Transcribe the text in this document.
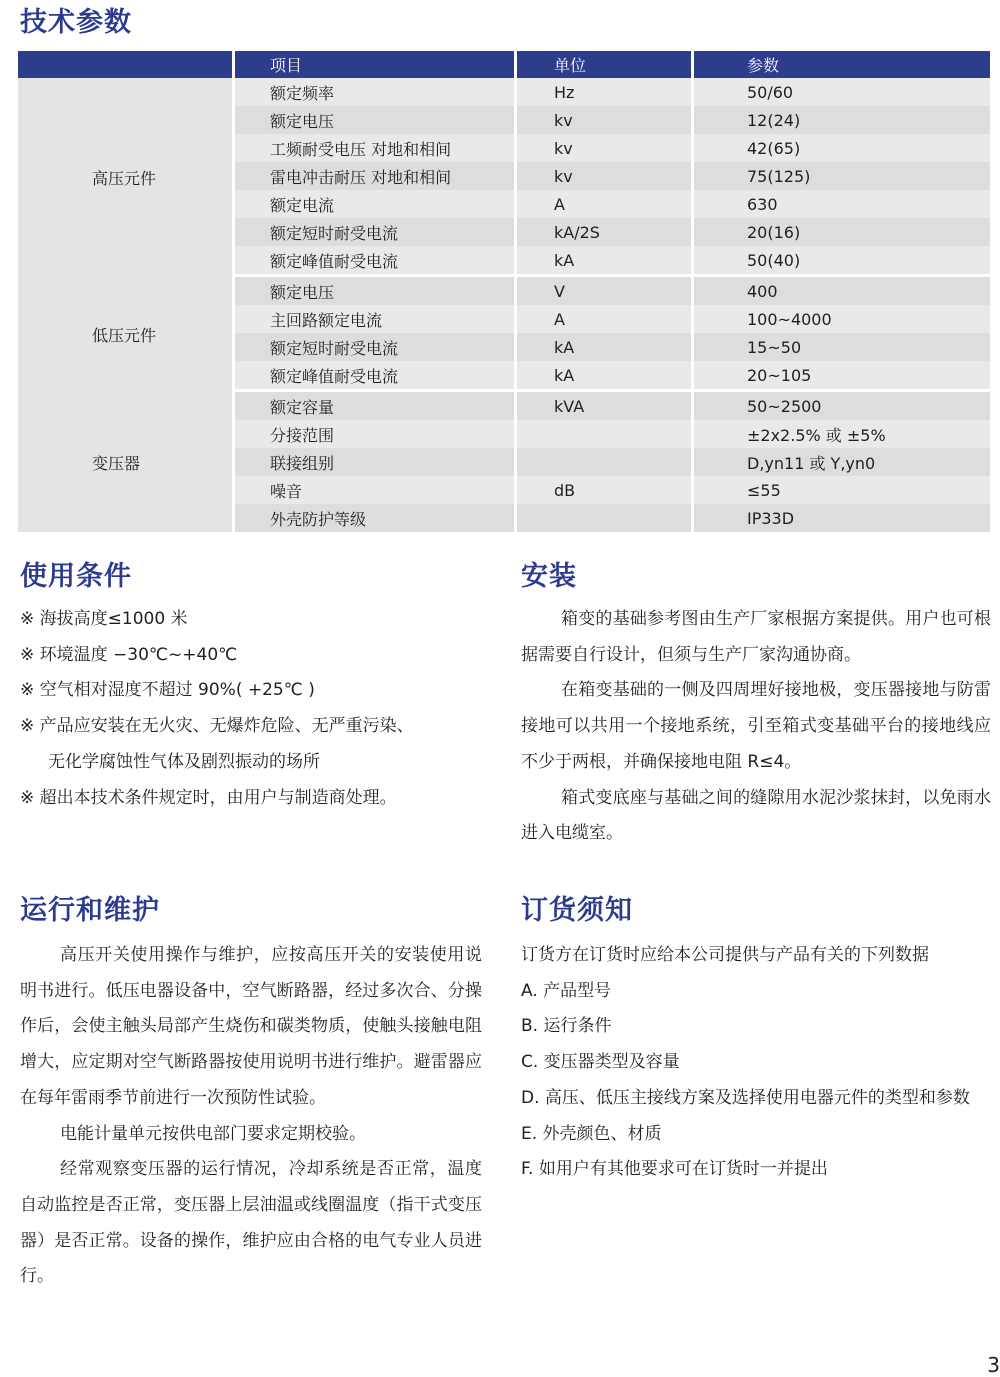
技术参数
	项目	单位	参数
高压元件	额定频率	Hz	50/60
	额定电压	kv	12(24)
	工频耐受电压 对地和相间	kv	42(65)
	雷电冲击耐压 对地和相间	kv	75(125)
	额定电流	A	630
	额定短时耐受电流	kA/2S	20(16)
	额定峰值耐受电流	kA	50(40)
低压元件	额定电压	V	400
	主回路额定电流	A	100~4000
	额定短时耐受电流	kA	15~50
	额定峰值耐受电流	kA	20~105
变压器	额定容量	kVA	50~2500
	分接范围		±2x2.5% 或 ±5%
	联接组别		D,yn11 或 Y,yn0
	噪音	dB	≤55
	外壳防护等级		IP33D
使用条件
※ 海拔高度≤1000 米
※ 环境温度 −30℃~+40℃
※ 空气相对湿度不超过 90%( +25℃ )
※ 产品应安装在无火灾、无爆炸危险、无严重污染、
无化学腐蚀性气体及剧烈振动的场所
※ 超出本技术条件规定时，由用户与制造商处理。
安装

箱变的基础参考图由生产厂家根据方案提供。用户也可根据需要自行设计，但须与生产厂家沟通协商。

在箱变基础的一侧及四周埋好接地极，变压器接地与防雷接地可以共用一个接地系统，引至箱式变基础平台的接地线应不少于两根，并确保接地电阻 R≤4。

箱式变底座与基础之间的缝隙用水泥沙浆抹封，以免雨水进入电缆室。

运行和维护

高压开关使用操作与维护，应按高压开关的安装使用说明书进行。低压电器设备中，空气断路器，经过多次合、分操作后，会使主触头局部产生烧伤和碳类物质，使触头接触电阻增大，应定期对空气断路器按使用说明书进行维护。避雷器应在每年雷雨季节前进行一次预防性试验。

电能计量单元按供电部门要求定期校验。

经常观察变压器的运行情况，冷却系统是否正常，温度自动监控是否正常，变压器上层油温或线圈温度（指干式变压器）是否正常。设备的操作，维护应由合格的电气专业人员进行。

订货须知

订货方在订货时应给本公司提供与产品有关的下列数据

A. 产品型号
B. 运行条件
C. 变压器类型及容量
D. 高压、低压主接线方案及选择使用电器元件的类型和参数
E. 外壳颜色、材质
F. 如用户有其他要求可在订货时一并提出
3
